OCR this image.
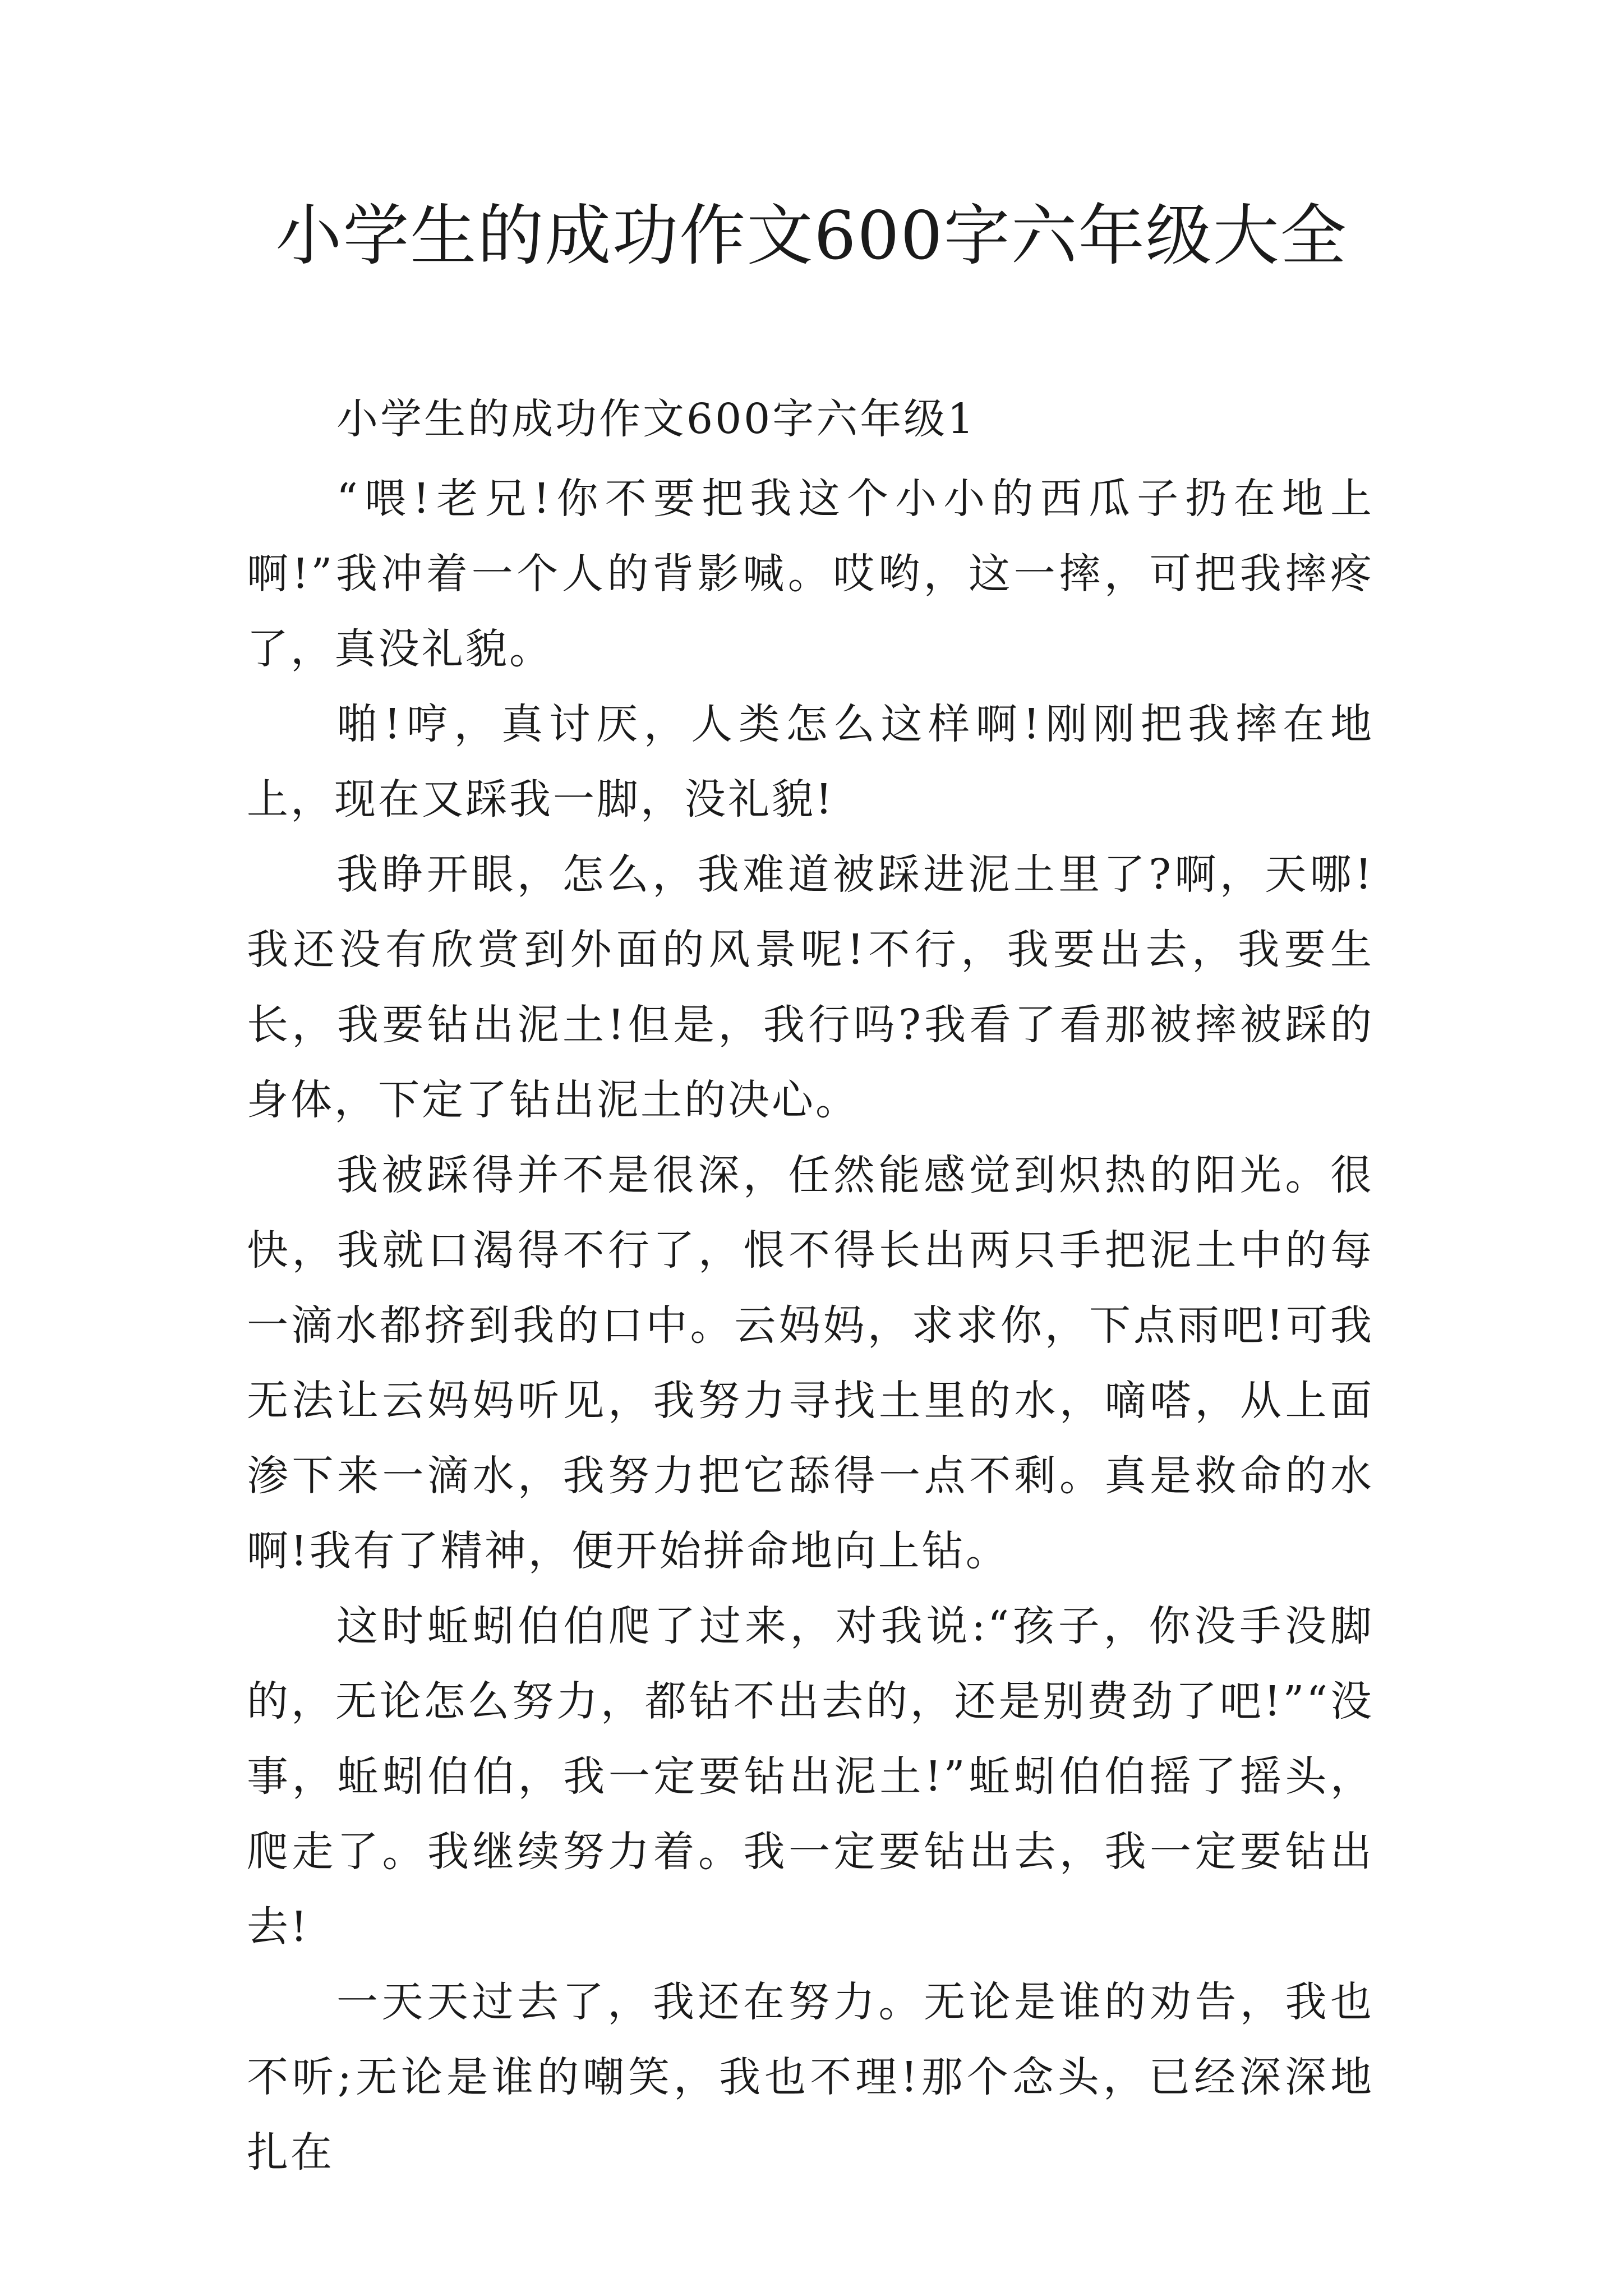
小学生的成功作文600字六年级大全

小学生的成功作文600字六年级1

“喂!老兄!你不要把我这个小小的西瓜子扔在地上啊!”我冲着一个人的背影喊。哎哟，这一摔，可把我摔疼了，真没礼貌。

啪!哼，真讨厌，人类怎么这样啊!刚刚把我摔在地上，现在又踩我一脚，没礼貌!

我睁开眼，怎么，我难道被踩进泥土里了?啊，天哪!我还没有欣赏到外面的风景呢!不行，我要出去，我要生长，我要钻出泥土!但是，我行吗?我看了看那被摔被踩的身体，下定了钻出泥土的决心。

我被踩得并不是很深，任然能感觉到炽热的阳光。很快，我就口渴得不行了，恨不得长出两只手把泥土中的每一滴水都挤到我的口中。云妈妈，求求你，下点雨吧!可我无法让云妈妈听见，我努力寻找土里的水，嘀嗒，从上面渗下来一滴水，我努力把它舔得一点不剩。真是救命的水啊!我有了精神，便开始拼命地向上钻。

这时蚯蚓伯伯爬了过来，对我说:“孩子，你没手没脚的，无论怎么努力，都钻不出去的，还是别费劲了吧!”“没事，蚯蚓伯伯，我一定要钻出泥土!”蚯蚓伯伯摇了摇头，爬走了。我继续努力着。我一定要钻出去，我一定要钻出去!

一天天过去了，我还在努力。无论是谁的劝告，我也不听;无论是谁的嘲笑，我也不理!那个念头，已经深深地扎在
